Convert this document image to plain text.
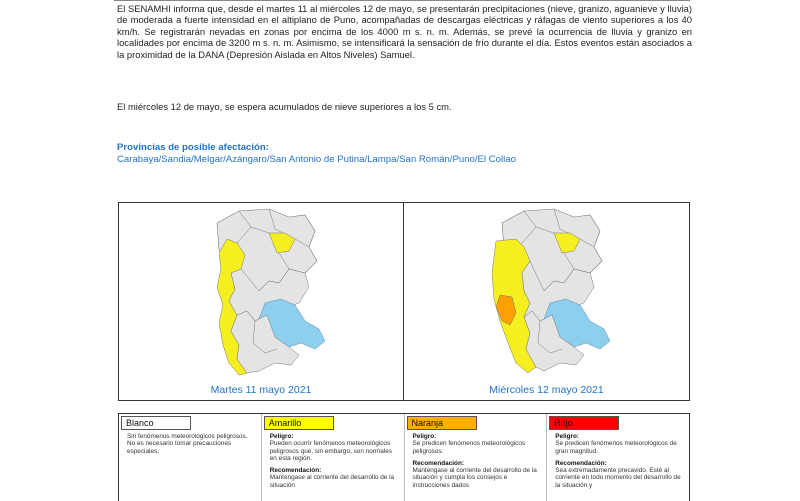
El SENAMHI informa que, desde el martes 11 al miércoles 12 de mayo, se presentarán precipitaciones (nieve, granizo, aguanieve y lluvia) de moderada a fuerte intensidad en el altiplano de Puno, acompañadas de descargas eléctricas y ráfagas de viento superiores a los 40 km/h. Se registrarán nevadas en zonas por encima de los 4000 m s. n. m. Además, se prevé la ocurrencia de lluvia y granizo en localidades por encima de 3200 m s. n. m. Asimismo, se intensificará la sensación de frío durante el día. Estos eventos están asociados a la proximidad de la DANA (Depresión Aislada en Altos Niveles) Samuel.

El miércoles 12 de mayo, se espera acumulados de nieve superiores a los 5 cm.

Provincias de posible afectación:
Carabaya/Sandia/Melgar/Azángaro/San Antonio de Putina/Lampa/San Román/Puno/El Collao
Martes 11 mayo 2021	Miércoles 12 mayo 2021
Blanco
Sin fenómenos meteorológicos peligrosos. No es necesario tomar precauciones especiales.
Amarillo
Peligro:
Pueden ocurrir fenómenos meteorológicos peligrosos que, sin embargo, son normales en esta región.
Recomendación:
Manténgase al corriente del desarrollo de la situación
Naranja
Peligro:
Se predicen fenómenos meteorológicos peligrosos.
Recomendación:
Manténgase al corriente del desarrollo de la situación y cumpla los consejos e instrucciones dados
Rojo
Peligro:
Se predicen fenómenos meteorológicos de gran magnitud.
Recomendación:
Sea extremadamente precavido. Esté al corriente en todo momento del desarrollo de la situación y
